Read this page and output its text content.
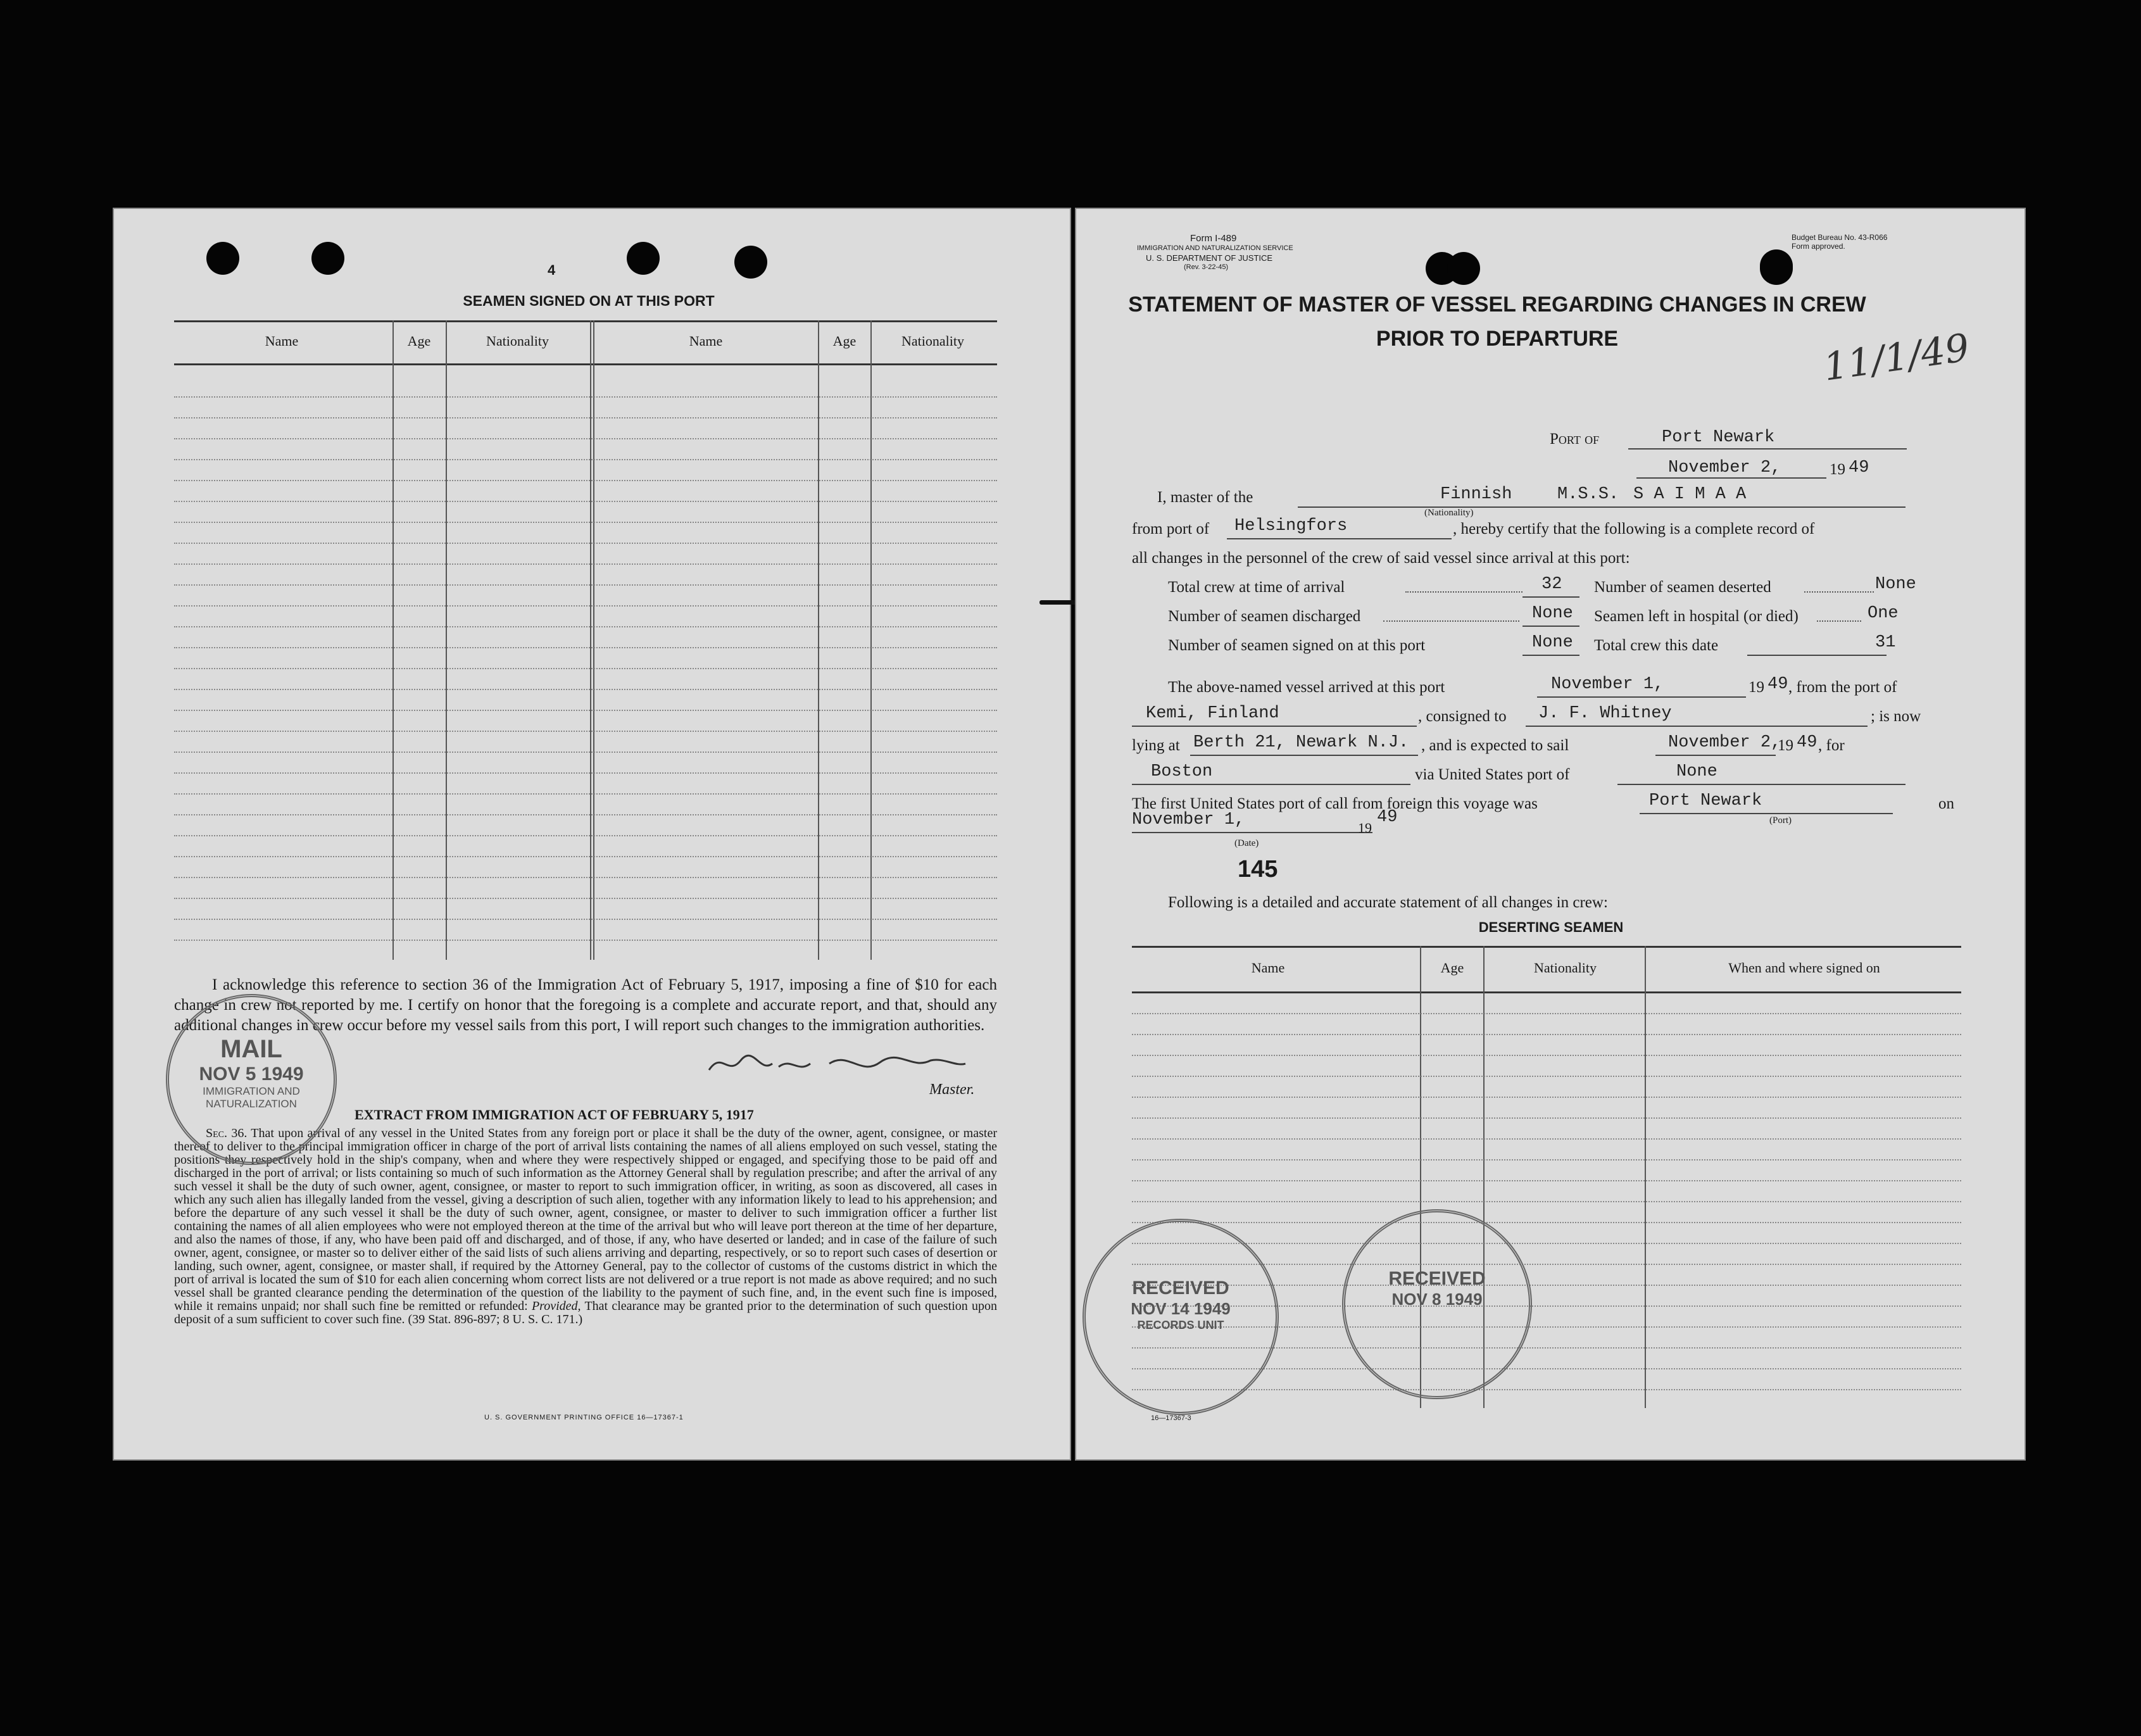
4
SEAMEN SIGNED ON AT THIS PORT
Name	Age	Nationality	Name	Age	Nationality
I acknowledge this reference to section 36 of the Immigration Act of February 5, 1917, imposing a fine of $10 for each change in crew not reported by me. I certify on honor that the foregoing is a complete and accurate report, and that, should any additional changes in crew occur before my vessel sails from this port, I will report such changes to the immigration authorities.
Master.
EXTRACT FROM IMMIGRATION ACT OF FEBRUARY 5, 1917
Sec. 36. That upon arrival of any vessel in the United States from any foreign port or place it shall be the duty of the owner, agent, consignee, or master thereof to deliver to the principal immigration officer in charge of the port of arrival lists containing the names of all aliens employed on such vessel, stating the positions they respectively hold in the ship's company, when and where they were respectively shipped or engaged, and specifying those to be paid off and discharged in the port of arrival; or lists containing so much of such information as the Attorney General shall by regulation prescribe; and after the arrival of any such vessel it shall be the duty of such owner, agent, consignee, or master to report to such immigration officer, in writing, as soon as discovered, all cases in which any such alien has illegally landed from the vessel, giving a description of such alien, together with any information likely to lead to his apprehension; and before the departure of any such vessel it shall be the duty of such owner, agent, consignee, or master to deliver to such immigration officer a further list containing the names of all alien employees who were not employed thereon at the time of the arrival but who will leave port thereon at the time of her departure, and also the names of those, if any, who have been paid off and discharged, and of those, if any, who have deserted or landed; and in case of the failure of such owner, agent, consignee, or master so to deliver either of the said lists of such aliens arriving and departing, respectively, or so to report such cases of desertion or landing, such owner, agent, consignee, or master shall, if required by the Attorney General, pay to the collector of customs of the customs district in which the port of arrival is located the sum of $10 for each alien concerning whom correct lists are not delivered or a true report is not made as above required; and no such vessel shall be granted clearance pending the determination of the question of the liability to the payment of such fine, and, in the event such fine is imposed, while it remains unpaid; nor shall such fine be remitted or refunded: Provided, That clearance may be granted prior to the determination of such question upon deposit of a sum sufficient to cover such fine. (39 Stat. 896-897; 8 U. S. C. 171.)
U. S. GOVERNMENT PRINTING OFFICE 16—17367-1
MAIL
NOV 5 1949
IMMIGRATION AND
NATURALIZATION
Form I-489
IMMIGRATION AND NATURALIZATION SERVICE
U. S. DEPARTMENT OF JUSTICE
(Rev. 3-22-45)
Budget Bureau No. 43-R066
Form approved.
STATEMENT OF MASTER OF VESSEL REGARDING CHANGES IN CREW
PRIOR TO DEPARTURE	11/1/49
Port of	Port Newark
November 2,	19 49
I, master of the	Finnish
(Nationality)
M.S.S. S A I M A A
from port of Helsingfors	, hereby certify that the following is a complete record of
all changes in the personnel of the crew of said vessel since arrival at this port:
Total crew at time of arrival	32 Number of seamen deserted	None
Number of seamen discharged	None Seamen left in hospital (or died)	One
Number of seamen signed on at this port	None Total crew this date	31
The above-named vessel arrived at this port	November 1,	19 49 , from the port of
Kemi, Finland	, consigned to J. F. Whitney	; is now
lying at Berth 21, Newark N.J. , and is expected to sail	November 2,
19 49 , for
Boston	via United States port of	None
The first United States port of call from foreign this voyage was	Port Newark
(Port)
on
November 1,	19
49
(Date)
145
Following is a detailed and accurate statement of all changes in crew:
DESERTING SEAMEN
Name	Age	Nationality	When and where signed on
16—17367-3
RECEIVED
NOV 14 1949
RECORDS UNIT
RECEIVED
NOV 8 1949
